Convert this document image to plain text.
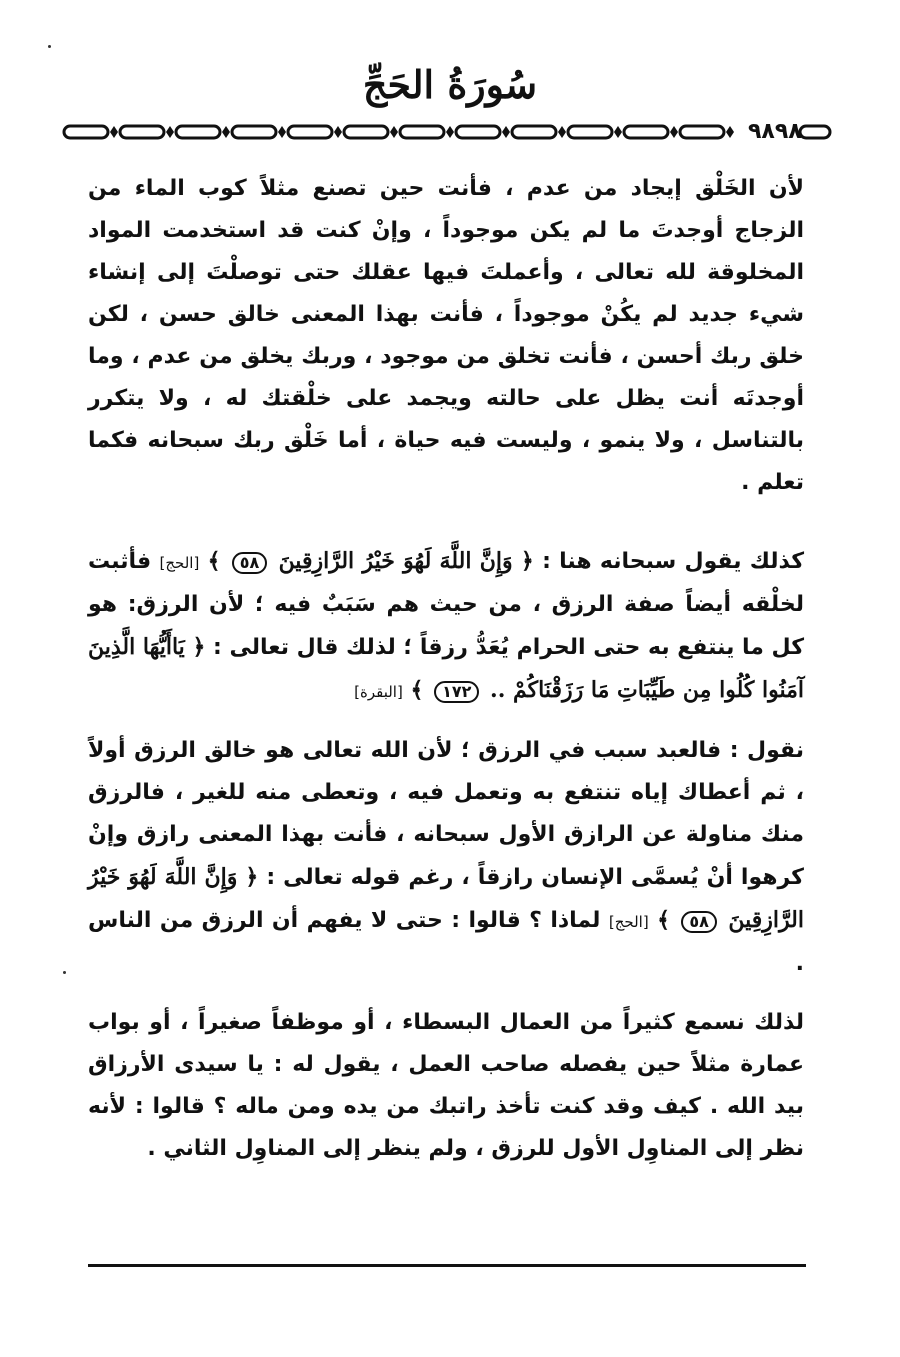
سُورَةُ الحَجِّ
٩٨٩٨

لأن الخَلْق إيجاد من عدم ، فأنت حين تصنع مثلاً كوب الماء من الزجاج أوجدتَ ما لم يكن موجوداً ، وإنْ كنت قد استخدمت المواد المخلوقة لله تعالى ، وأعملتَ فيها عقلك حتى توصلْتَ إلى إنشاء شيء جديد لم يكُنْ موجوداً ، فأنت بهذا المعنى خالق حسن ، لكن خلق ربك أحسن ، فأنت تخلق من موجود ، وربك يخلق من عدم ، وما أوجدتَه أنت يظل على حالته ويجمد على خلْقتك له ، ولا يتكرر بالتناسل ، ولا ينمو ، وليست فيه حياة ، أما خَلْق ربك سبحانه فكما تعلم .

كذلك يقول سبحانه هنا : ﴿ وَإِنَّ اللَّهَ لَهُوَ خَيْرُ الرَّازِقِينَ ٥٨ ﴾ [الحج] فأثبت لخلْقه أيضاً صفة الرزق ، من حيث هم سَبَبٌ فيه ؛ لأن الرزق: هو كل ما ينتفع به حتى الحرام يُعَدُّ رزقاً ؛ لذلك قال تعالى : ﴿ يَاأَيُّهَا الَّذِينَ آمَنُوا كُلُوا مِن طَيِّبَاتِ مَا رَزَقْنَاكُمْ .. ١٧٢ ﴾ [البقرة]

نقول : فالعبد سبب في الرزق ؛ لأن الله تعالى هو خالق الرزق أولاً ، ثم أعطاك إياه تنتفع به وتعمل فيه ، وتعطى منه للغير ، فالرزق منك مناولة عن الرازق الأول سبحانه ، فأنت بهذا المعنى رازق وإنْ كرهوا أنْ يُسمَّى الإنسان رازقاً ، رغم قوله تعالى : ﴿ وَإِنَّ اللَّهَ لَهُوَ خَيْرُ الرَّازِقِينَ ٥٨ ﴾ [الحج] لماذا ؟ قالوا : حتى لا يفهم أن الرزق من الناس .

لذلك نسمع كثيراً من العمال البسطاء ، أو موظفاً صغيراً ، أو بواب عمارة مثلاً حين يفصله صاحب العمل ، يقول له : يا سيدى الأرزاق بيد الله . كيف وقد كنت تأخذ راتبك من يده ومن ماله ؟ قالوا : لأنه نظر إلى المناوِل الأول للرزق ، ولم ينظر إلى المناوِل الثاني .
